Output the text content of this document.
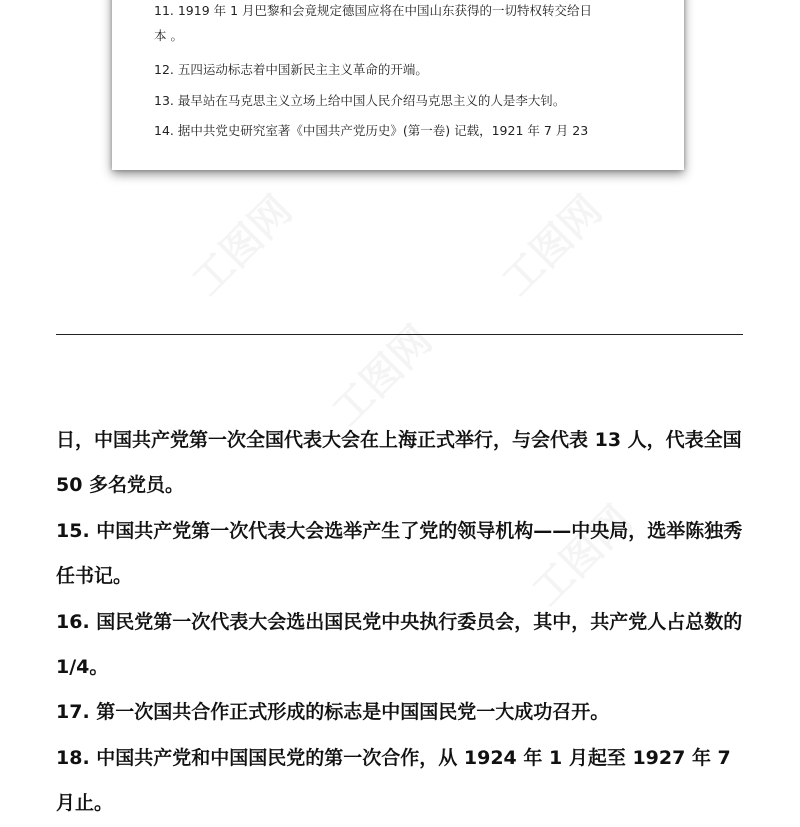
11. 1919 年 1 月巴黎和会竟规定德国应将在中国山东获得的一切特权转交给日
本 。
12. 五四运动标志着中国新民主主义革命的开端。
13. 最早站在马克思主义立场上给中国人民介绍马克思主义的人是李大钊。
14. 据中共党史研究室著《中国共产党历史》(第一卷) 记载，1921 年 7 月 23

日，中国共产党第一次全国代表大会在上海正式举行，与会代表 13 人，代表全国 50 多名党员。

15. 中国共产党第一次代表大会选举产生了党的领导机构——中央局，选举陈独秀任书记。

16. 国民党第一次代表大会选出国民党中央执行委员会，其中，共产党人占总数的 1/4。

17. 第一次国共合作正式形成的标志是中国国民党一大成功召开。

18. 中国共产党和中国国民党的第一次合作，从 1924 年 1 月起至 1927 年 7 月止。
